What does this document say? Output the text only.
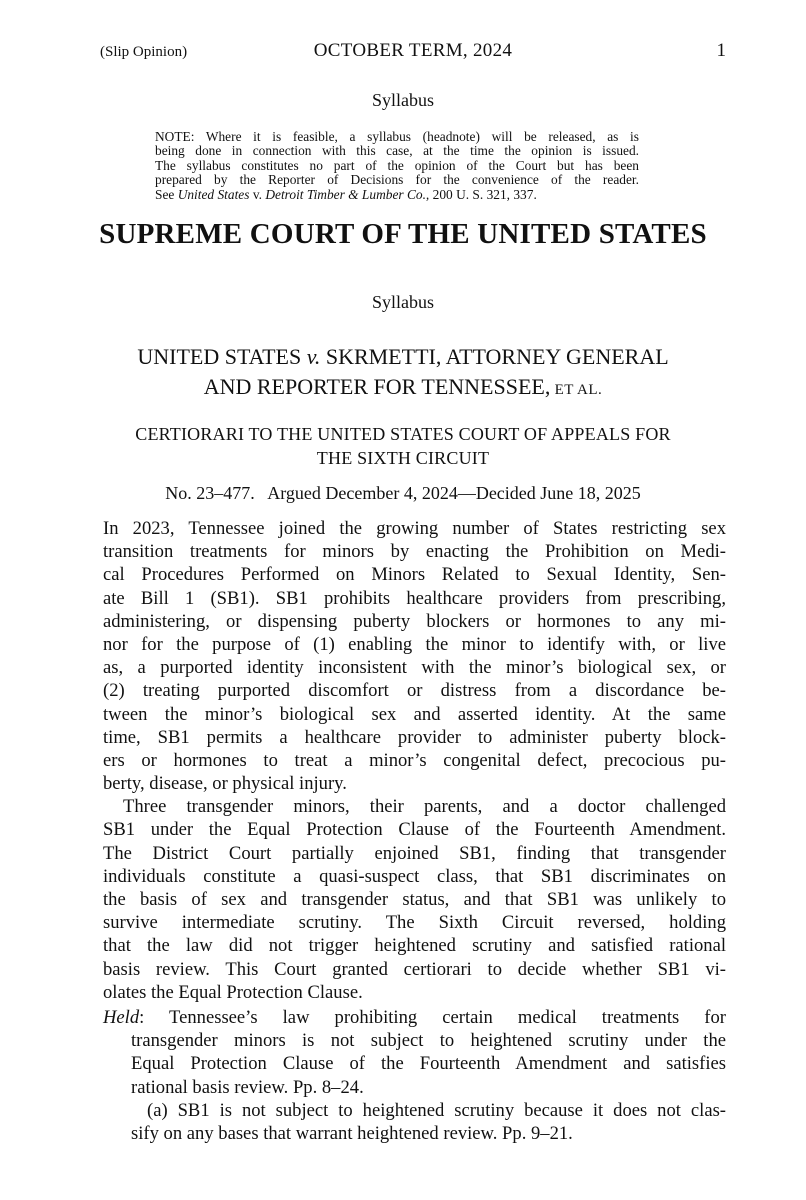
(Slip Opinion)	OCTOBER TERM, 2024	1
Syllabus
NOTE: Where it is feasible, a syllabus (headnote) will be released, as is
being done in connection with this case, at the time the opinion is issued.
The syllabus constitutes no part of the opinion of the Court but has been
prepared by the Reporter of Decisions for the convenience of the reader.
See United States v. Detroit Timber & Lumber Co., 200 U. S. 321, 337.
SUPREME COURT OF THE UNITED STATES
Syllabus
UNITED STATES v. SKRMETTI, ATTORNEY GENERAL
AND REPORTER FOR TENNESSEE, ET AL.
CERTIORARI TO THE UNITED STATES COURT OF APPEALS FOR
THE SIXTH CIRCUIT
No. 23–477.   Argued December 4, 2024—Decided June 18, 2025
In 2023, Tennessee joined the growing number of States restricting sex
transition treatments for minors by enacting the Prohibition on Medi-
cal Procedures Performed on Minors Related to Sexual Identity, Sen-
ate Bill 1 (SB1). SB1 prohibits healthcare providers from prescribing,
administering, or dispensing puberty blockers or hormones to any mi-
nor for the purpose of (1) enabling the minor to identify with, or live
as, a purported identity inconsistent with the minor’s biological sex, or
(2) treating purported discomfort or distress from a discordance be-
tween the minor’s biological sex and asserted identity. At the same
time, SB1 permits a healthcare provider to administer puberty block-
ers or hormones to treat a minor’s congenital defect, precocious pu-
berty, disease, or physical injury.
Three transgender minors, their parents, and a doctor challenged
SB1 under the Equal Protection Clause of the Fourteenth Amendment.
The District Court partially enjoined SB1, finding that transgender
individuals constitute a quasi-suspect class, that SB1 discriminates on
the basis of sex and transgender status, and that SB1 was unlikely to
survive intermediate scrutiny. The Sixth Circuit reversed, holding
that the law did not trigger heightened scrutiny and satisfied rational
basis review. This Court granted certiorari to decide whether SB1 vi-
olates the Equal Protection Clause.
Held: Tennessee’s law prohibiting certain medical treatments for
transgender minors is not subject to heightened scrutiny under the
Equal Protection Clause of the Fourteenth Amendment and satisfies
rational basis review. Pp. 8–24.
(a) SB1 is not subject to heightened scrutiny because it does not clas-
sify on any bases that warrant heightened review. Pp. 9–21.
